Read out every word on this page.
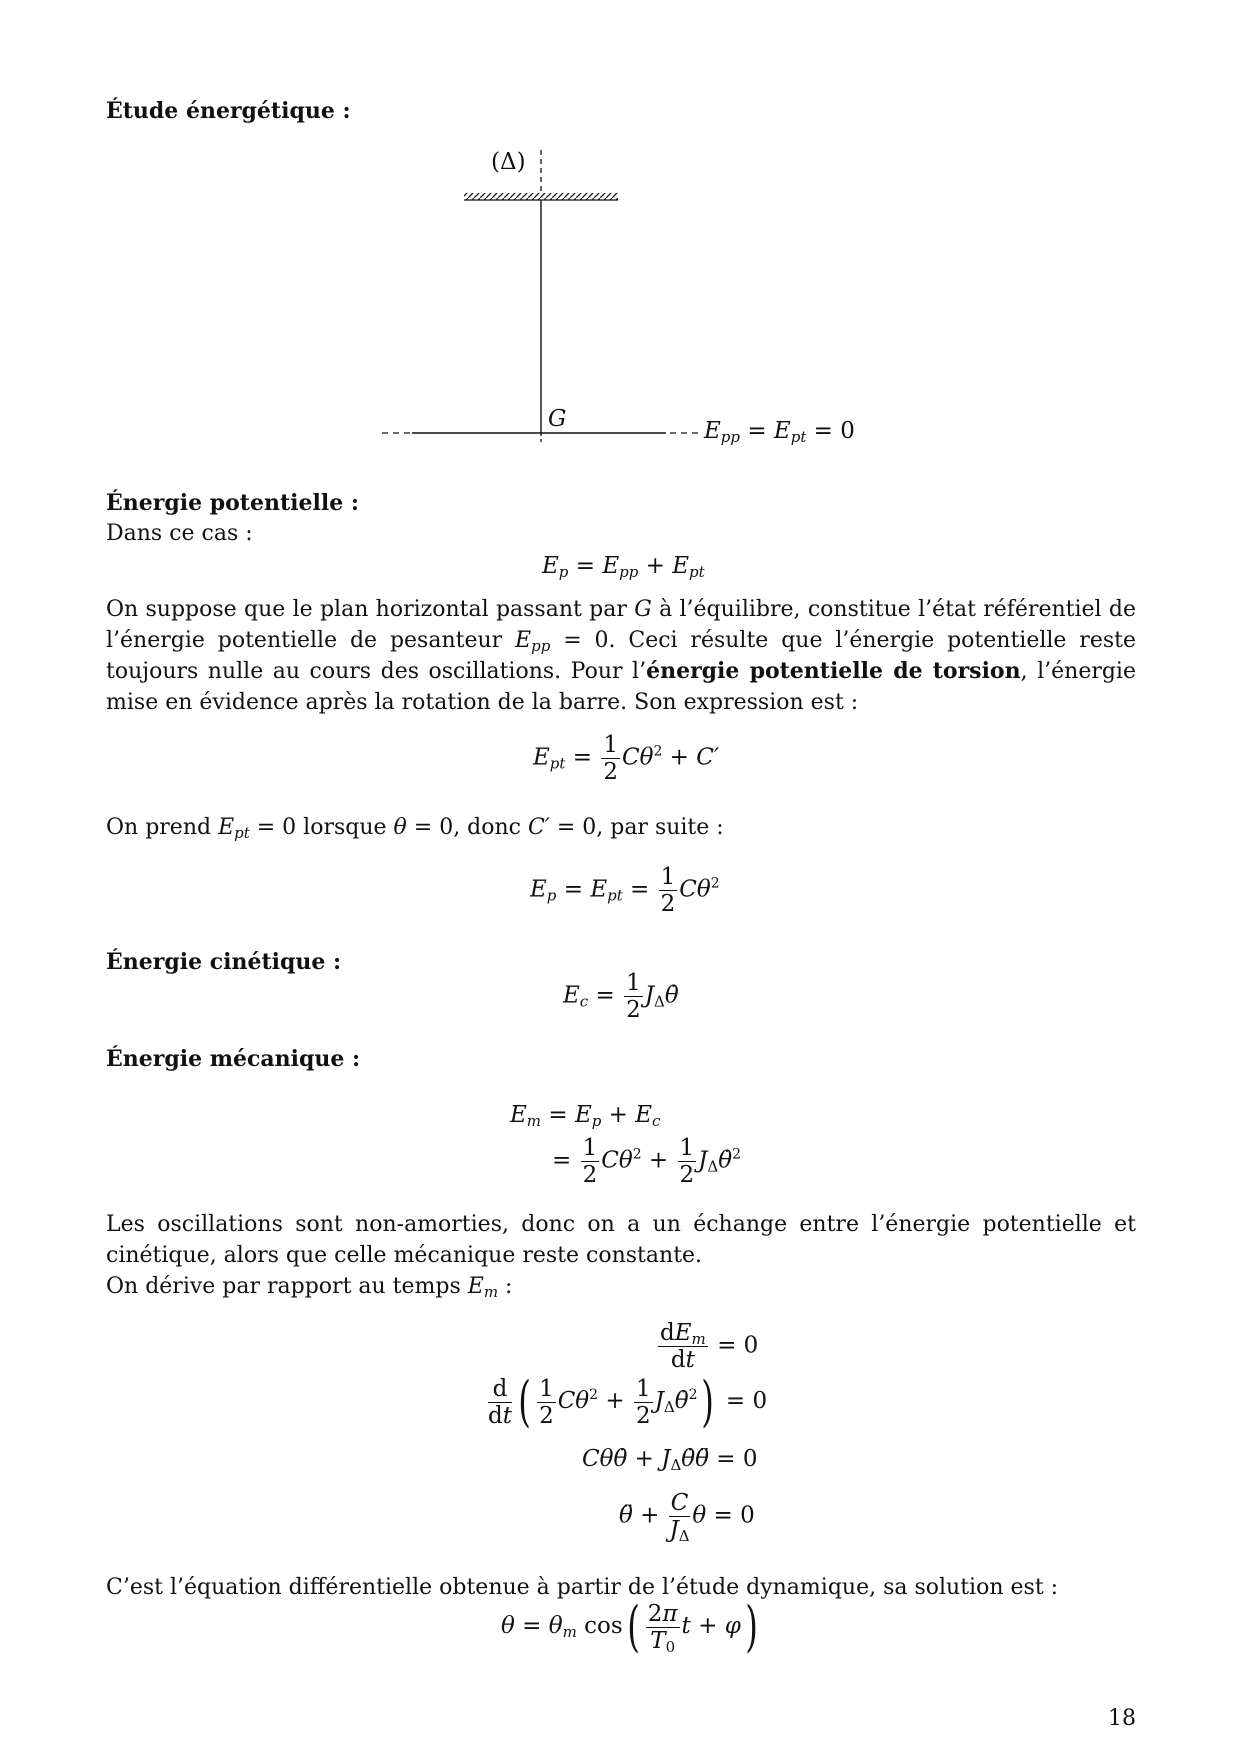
Étude énergétique :
(Δ)
G	$E_{pp} = E_{pt} = 0$
Énergie potentielle :
Dans ce cas :
$E_p = E_{pp} + E_{pt}$
On suppose que le plan horizontal passant par G à l’équilibre, constitue l’état référentiel de l’énergie potentielle de pesanteur $E_{pp} = 0$. Ceci résulte que l’énergie potentielle reste toujours nulle au cours des oscillations. Pour l’énergie potentielle de torsion, l’énergie mise en évidence après la rotation de la barre. Son expression est :
$E_{pt} = \frac{1}{2} C\theta^2 + C'$
On prend $E_{pt} = 0$ lorsque θ = 0, donc C′ = 0, par suite :
$E_p = E_{pt} = \frac{1}{2} C\theta^2$
Énergie cinétique :
$E_c = \frac{1}{2}$ $J_\Delta\thetȧ$
Énergie mécanique :
$E_m = E_p + E_c$
= $\frac{1}{2} C\theta^2 + \frac{1}{2}$ $J_\Delta\thetȧ^2$
Les oscillations sont non-amorties, donc on a un échange entre l’énergie potentielle et cinétique, alors que celle mécanique reste constante.
On dérive par rapport au temps $E_m$ :
$\frac{dE_m}{dt} = 0$
$\frac{d}{dt}$ ( $\frac{1}{2} C\theta^2 + \frac{1}{2}$ $J_\Delta\thetȧ^2) = 0$
Cθθ̇ + $J_\Delta\thetȧ\thetä = 0$
θ̈ + $\frac{C}{J_\Delta}$ θ = 0
C’est l’équation différentielle obtenue à partir de l’étude dynamique, sa solution est :
$\theta = \theta_m$ $\cos( \frac{2\pi}{T_0}$ t + φ)
18
